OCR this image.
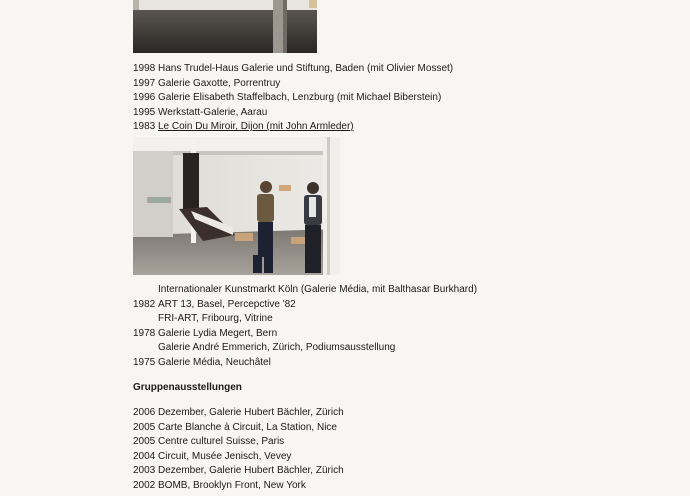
1998 Hans Trudel-Haus Galerie und Stiftung, Baden (mit Olivier Mosset)
1997 Galerie Gaxotte, Porrentruy
1996 Galerie Elisabeth Staffelbach, Lenzburg (mit Michael Biberstein)
1995 Werkstatt-Galerie, Aarau
1983 Le Coin Du Miroir, Dijon (mit John Armleder)
Internationaler Kunstmarkt Köln (Galerie Média, mit Balthasar Burkhard)
1982 ART 13, Basel, Percepctive '82
FRI-ART, Fribourg, Vitrine
1978 Galerie Lydia Megert, Bern
Galerie André Emmerich, Zürich, Podiumsausstellung
1975 Galerie Média, Neuchâtel
Gruppenausstellungen
2006 Dezember, Galerie Hubert Bächler, Zürich
2005 Carte Blanche à Circuit, La Station, Nice
2005 Centre culturel Suisse, Paris
2004 Circuit, Musée Jenisch, Vevey
2003 Dezember, Galerie Hubert Bächler, Zürich
2002 BOMB, Brooklyn Front, New York
